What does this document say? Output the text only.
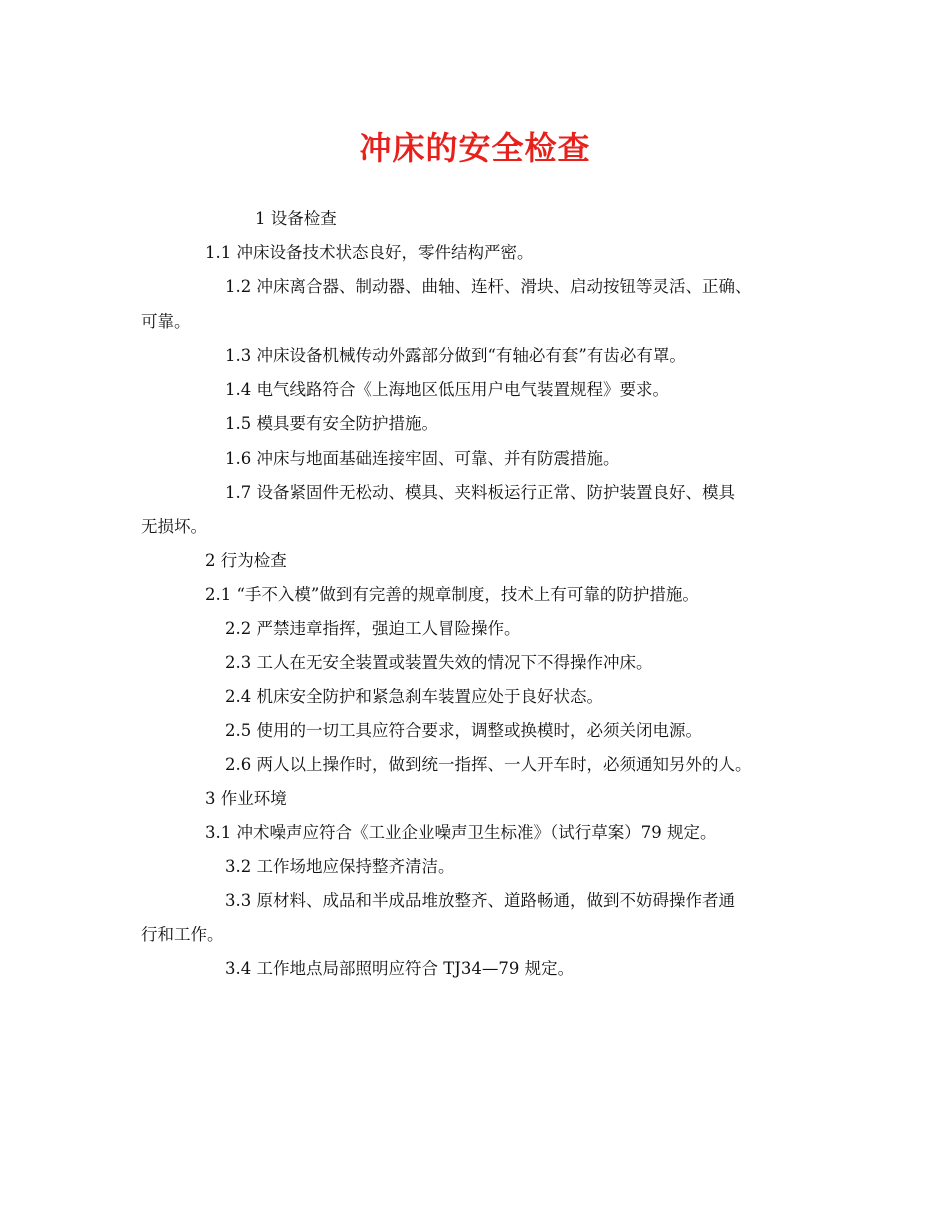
冲床的安全检查

1 设备检查

1.1 冲床设备技术状态良好，零件结构严密。

1.2 冲床离合器、制动器、曲轴、连杆、滑块、启动按钮等灵活、正确、

可靠。

1.3 冲床设备机械传动外露部分做到“有轴必有套”有齿必有罩。

1.4 电气线路符合《上海地区低压用户电气装置规程》要求。

1.5 模具要有安全防护措施。

1.6 冲床与地面基础连接牢固、可靠、并有防震措施。

1.7 设备紧固件无松动、模具、夹料板运行正常、防护装置良好、模具

无损坏。

2 行为检查

2.1 “手不入模”做到有完善的规章制度，技术上有可靠的防护措施。

2.2 严禁违章指挥，强迫工人冒险操作。

2.3 工人在无安全装置或装置失效的情况下不得操作冲床。

2.4 机床安全防护和紧急刹车装置应处于良好状态。

2.5 使用的一切工具应符合要求，调整或换模时，必须关闭电源。

2.6 两人以上操作时，做到统一指挥、一人开车时，必须通知另外的人。

3 作业环境

3.1 冲术噪声应符合《工业企业噪声卫生标准》（试行草案）79 规定。

3.2 工作场地应保持整齐清洁。

3.3 原材料、成品和半成品堆放整齐、道路畅通，做到不妨碍操作者通

行和工作。

3.4 工作地点局部照明应符合 TJ34—79 规定。
